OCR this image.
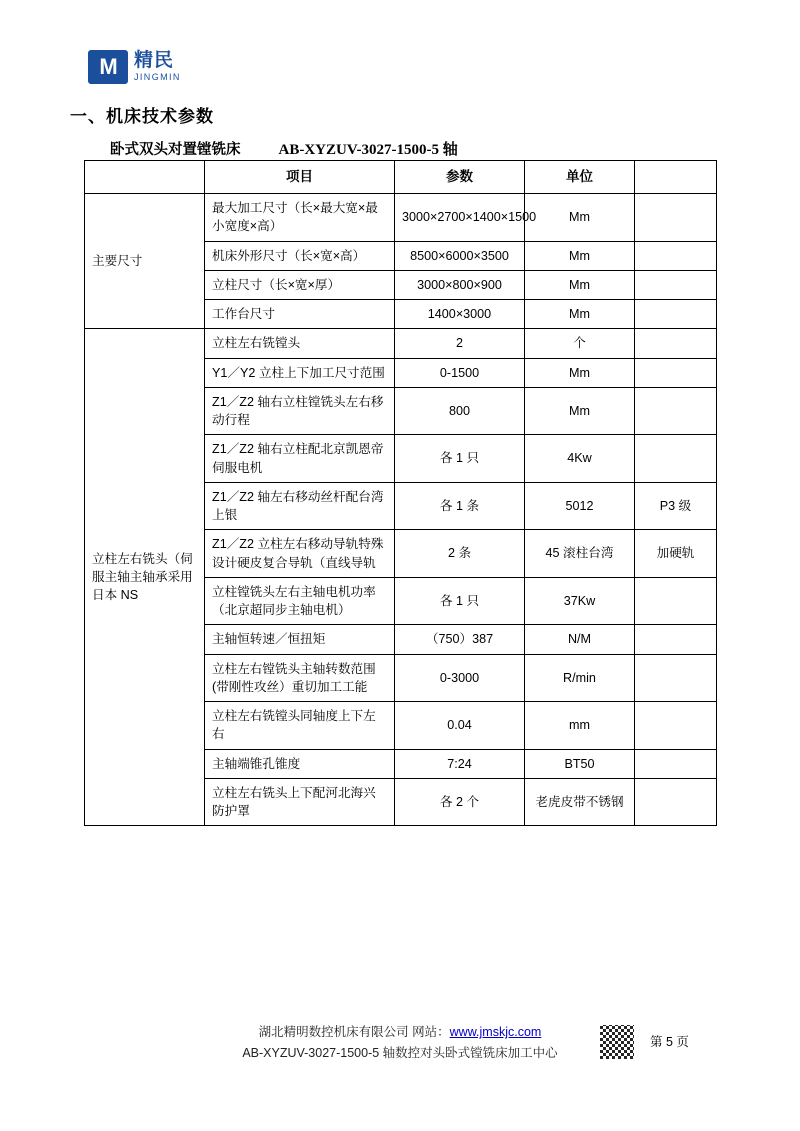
M 精民
JINGMIN
一、机床技术参数
卧式双头对置镗铣床	AB-XYZUV-3027-1500-5 轴
	项目	参数	单位	
主要尺寸	最大加工尺寸（长×最大宽×最小宽度×高）	3000×2700×1400×1500	Mm	
	机床外形尺寸（长×宽×高）	8500×6000×3500	Mm	
	立柱尺寸（长×宽×厚）	3000×800×900	Mm	
	工作台尺寸	1400×3000	Mm	
立柱左右铣头（伺服主轴主轴承采用日本 NS	立柱左右铣镗头	2	个	
	Y1／Y2 立柱上下加工尺寸范围	0-1500	Mm	
	Z1／Z2 轴右立柱镗铣头左右移动行程	800	Mm	
	Z1／Z2 轴右立柱配北京凯恩帝伺服电机	各 1 只	4Kw	
	Z1／Z2 轴左右移动丝杆配台湾上银	各 1 条	5012	P3 级
	Z1／Z2 立柱左右移动导轨特殊设计硬皮复合导轨（直线导轨	2 条	45 滚柱台湾	加硬轨
	立柱镗铣头左右主轴电机功率（北京超同步主轴电机）	各 1 只	37Kw	
	主轴恒转速／恒扭矩	（750）387	N/M	
	立柱左右镗铣头主轴转数范围(带刚性攻丝）重切加工工能	0-3000	R/min	
	立柱左右铣镗头同轴度上下左右	0.04	mm	
	主轴端锥孔锥度	7:24	BT50	
	立柱左右铣头上下配河北海兴防护罩	各 2 个	老虎皮带不锈钢	
湖北精明数控机床有限公司 网站：www.jmskjc.com
AB-XYZUV-3027-1500-5 轴数控对头卧式镗铣床加工中心
第 5 页
